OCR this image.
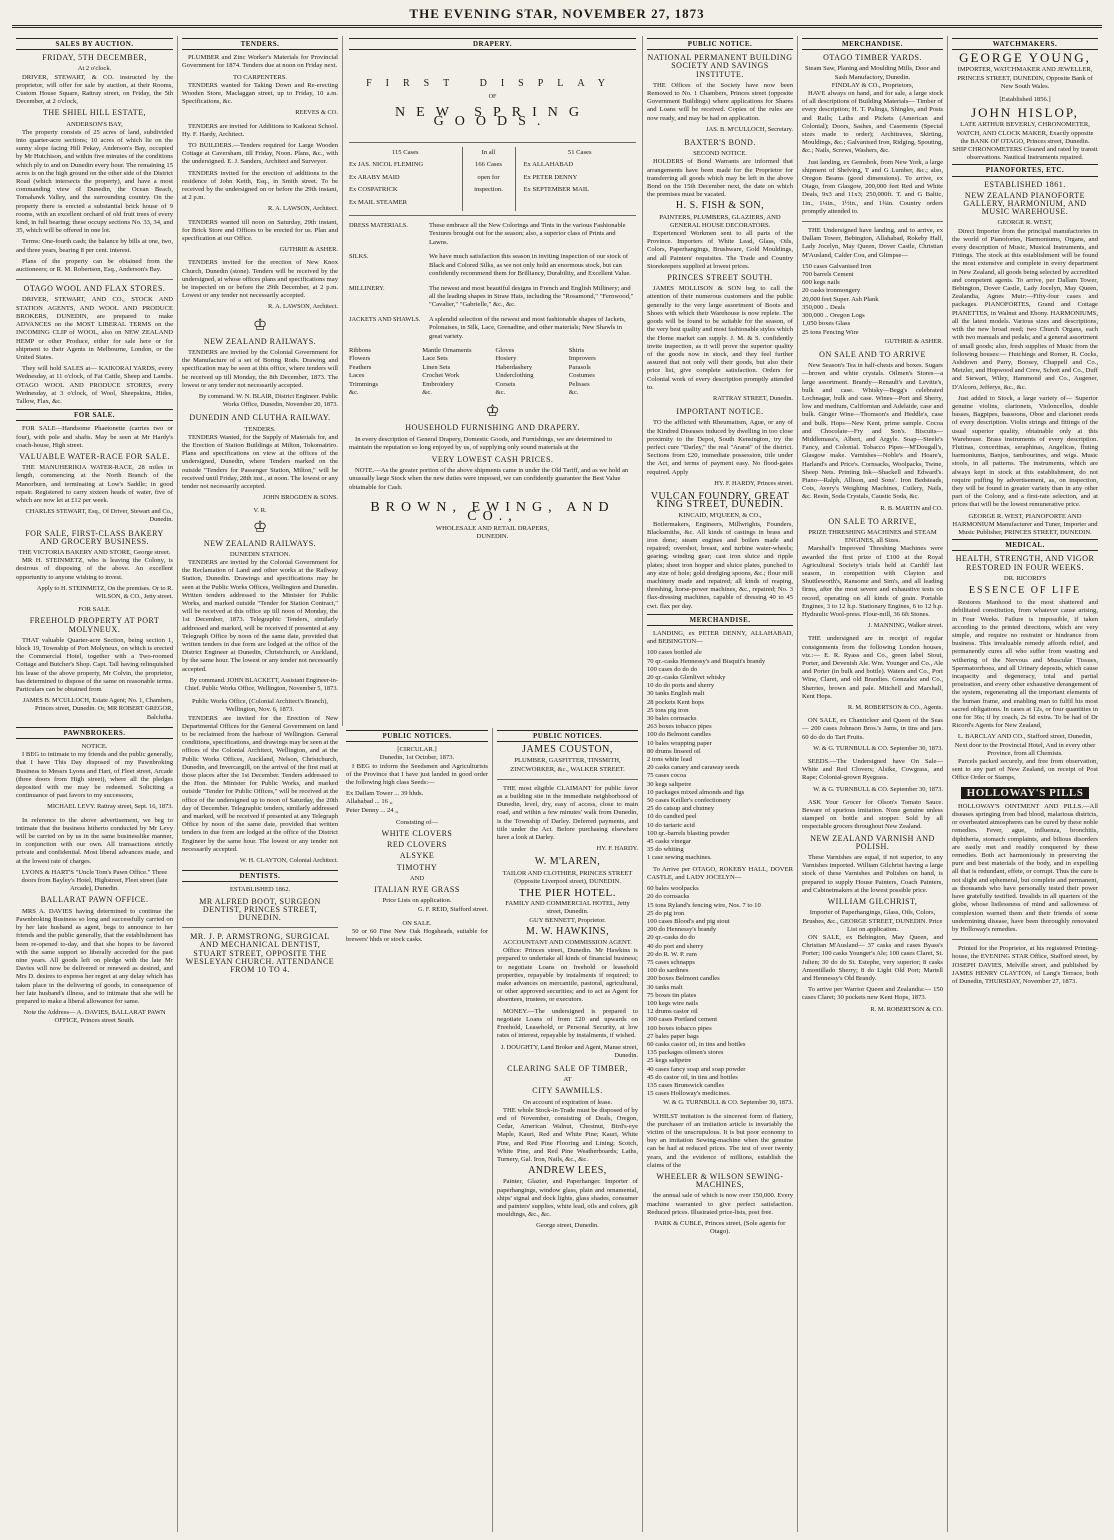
THE EVENING STAR, NOVEMBER 27, 1873
SALES BY AUCTION.
FRIDAY, 5TH DECEMBER,
At 2 o'clock.

DRIVER, STEWART, & CO. instructed by the proprietor, will offer for sale by auction, at their Rooms, Custom House Square, Rattray street, on Friday, the 5th December, at 2 o'clock,

THE SHIEL HILL ESTATE,
ANDERSON'S BAY,

The property consists of 25 acres of land, subdivided into quarter-acre sections; 10 acres of which lie on the sunny slope facing Hill Pekay, Anderson's Bay, occupied by Mr Hutchison, and within five minutes of the conditions which ply to and on Dunedin every hour. The remaining 15 acres is on the high ground on the other side of the District Road (which intersects the property), and have a most commanding view of Dunedin, the Ocean Beach, Tomahawk Valley, and the surrounding country. On the property there is erected a substantial brick house of 9 rooms, with an excellent orchard of old fruit trees of every kind, in full bearing; these occupy sections No. 33, 34, and 35, which will be offered in one lot.

Terms: One-fourth cash; the balance by bills at one, two, and three years, bearing 8 per cent. interest.

Plans of the property can be obtained from the auctioneers; or R. M. Robertson, Esq., Anderson's Bay.

OTAGO WOOL AND FLAX STORES.

DRIVER, STEWART, AND CO., STOCK AND STATION AGENTS, AND WOOL AND PRODUCE BROKERS, DUNEDIN, are prepared to make ADVANCES on the MOST LIBERAL TERMS on the INCOMING CLIP of WOOL, also on NEW ZEALAND HEMP or other Produce, either for sale here or for shipment to their Agents in Melbourne, London, or the United States.

They will hold SALES at— KAIKORAI YARDS, every Wednesday, at 11 o'clock, of Fat Cattle, Sheep and Lambs. OTAGO WOOL AND PRODUCE STORES, every Wednesday, at 3 o'clock, of Wool, Sheepskins, Hides, Tallow, Flax, &c.

FOR SALE.

FOR SALE—Handsome Phaetonette (carries two or four), with pole and shafts. May be seen at Mr Hardy's coach-house, High street.

VALUABLE WATER-RACE FOR SALE.

THE MANUHERIKIA WATER-RACE, 28 miles in length, commencing at the North Branch of the Manorburn, and terminating at Low's Saddle; in good repair. Registered to carry sixteen heads of water, five of which are now let at £12 per week.

CHARLES STEWART, Esq., Of Driver, Stewart and Co., Dunedin.
FOR SALE, FIRST-CLASS BAKERY AND GROCERY BUSINESS.
THE VICTORIA BAKERY AND STORE, George street.

MR H. STEINMETZ, who is leaving the Colony, is desirous of disposing of the above. An excellent opportunity to anyone wishing to invest.

Apply to H. STEINMETZ, On the premises. Or to R. WILSON, & CO., Jetty street.
FOR SALE.
FREEHOLD PROPERTY AT PORT MOLYNEUX.

THAT valuable Quarter-acre Section, being section 1, block 19, Township of Port Molyneux, on which is erected the Commercial Hotel, together with a Two-roomed Cottage and Butcher's Shop. Capt. Tall having relinquished his lease of the above property, Mr Colvin, the proprietor, has determined to dispose of the same on reasonable terms. Particulars can be obtained from

JAMES B. M'CULLOCH, Estate Agent; No. 1, Chambers, Princes street, Dunedin. Or, MR ROBERT GREGOR, Balclutha.
PAWNBROKERS.
NOTICE.

I BEG to intimate to my friends and the public generally, that I have This Day disposed of my Pawnbroking Business to Messrs Lyons and Hart, of Fleet street, Arcade (three doors from High street), where all the pledges deposited with me may be redeemed. Soliciting a continuance of past favors to my successors,

MICHAEL LEVY. Rattray street, Sept. 16, 1873.

In reference to the above advertisement, we beg to intimate that the business hitherto conducted by Mr Levy will be carried on by us in the same businesslike manner, in conjunction with our own. All transactions strictly private and confidential. Most liberal advances made, and at the lowest rate of charges.

LYONS & HART'S "Uncle Tom's Pawn Office." Three doors from Bayley's Hotel, Highstreet, Fleet street (late Arcade), Dunedin.
BALLARAT PAWN OFFICE.

MRS A. DAVIES having determined to continue the Pawnbroking Business so long and successfully carried on by her late husband as agent, begs to announce to her friends and the public generally, that the establishment has been re-opened to-day, and that she hopes to be favored with the same support so liberally accorded for the past nine years. All goods left on pledge with the late Mr Davies will now be delivered or renewed as desired, and Mrs D. desires to express her regret at any delay which has taken place in the delivering of goods, in consequence of her late husband's illness, and to intimate that she will be prepared to make a liberal allowance for same.

Note the Address— A. DAVIES, BALLARAT PAWN OFFICE, Princes street South.
TENDERS.

PLUMBER and Zinc Worker's Materials for Provincial Government for 1874. Tenders due at noon on Friday next.

TO CARPENTERS.

TENDERS wanted for Taking Down and Re-erecting Wooden Store, Maclaggan street, up to Friday, 10 a.m. Specifications, &c.

REEVES & CO.

TENDERS are invited for Additions to Kaikorai School. Hy. F. Hardy, Architect.

TO BUILDERS.—Tenders required for Large Wooden Cottage at Caversham, till Friday, Noon. Plans, &c., with the undersigned. E. J. Sanders, Architect and Surveyor.

TENDERS invited for the erection of additions to the residence of John Keith, Esq., in Smith street. To be received by the undersigned on or before the 29th instant, at 2 p.m.

R. A. LAWSON, Architect.

TENDERS wanted till noon on Saturday, 29th instant, for Brick Store and Offices to be erected for us. Plan and specification at our Office.

GUTHRIE & ASHER.

TENDERS invited for the erection of New Knox Church, Dunedin (stone). Tenders will be received by the undersigned, at whose offices plans and specifications may be inspected on or before the 29th December, at 2 p.m. Lowest or any tender not necessarily accepted.

R. A. LAWSON, Architect.
♔
NEW ZEALAND RAILWAYS.

TENDERS are invited by the Colonial Government for the Manufacture of a set of Boring Rods. Drawing and specification may be seen at this office, where tenders will be received up till Monday, the 8th December, 1873. The lowest or any tender not necessarily accepted.

By command. W. N. BLAIR, District Engineer. Public Works Office, Dunedin, November 20, 1873.
DUNEDIN AND CLUTHA RAILWAY.
TENDERS.

TENDERS Wanted, for the Supply of Materials for, and the Erection of Station Buildings at Milton, Tokomairiro. Plans and specifications on view at the offices of the undersigned, Dunedin, where Tenders marked on the outside "Tenders for Passenger Station, Milton," will be received until Friday, 28th inst., at noon. The lowest or any tender not necessarily accepted.

JOHN BROGDEN & SONS.
V. R.
♔
NEW ZEALAND RAILWAYS.
DUNEDIN STATION.

TENDERS are invited by the Colonial Government for the Reclamation of Land and other works at the Railway Station, Dunedin. Drawings and specifications may be seen at the Public Works Offices, Wellington and Dunedin. Written tenders addressed to the Minister for Public Works, and marked outside "Tender for Station Contract," will be received at this office up till noon of Monday, the 1st December, 1873. Telegraphic Tenders, similarly addressed and marked, will be received if presented at any Telegraph Office by noon of the same date, provided that written tenders in due form are lodged at the office of the District Engineer at Dunedin, Christchurch, or Auckland, by the same hour. The lowest or any tender not necessarily accepted.

By command. JOHN BLACKETT, Assistant Engineer-in-Chief. Public Works Office, Wellington, November 5, 1873.
Public Works Office, (Colonial Architect's Branch), Wellington, Nov. 6, 1873.

TENDERS are invited for the Erection of New Departmental Offices for the General Government on land to be reclaimed from the harbour of Wellington. General conditions, specifications, and drawings may be seen at the offices of the Colonial Architect, Wellington, and at the Public Works Offices, Auckland, Nelson, Christchurch, Dunedin, and Invercargill, on the arrival of the first mail at those places after the 1st December. Tenders addressed to the Hon. the Minister for Public Works, and marked outside "Tender for Public Offices," will be received at the office of the undersigned up to noon of Saturday, the 20th day of December. Telegraphic tenders, similarly addressed and marked, will be received if presented at any Telegraph Office by noon of the same date, provided that written tenders in due form are lodged at the office of the District Engineer by the same hour. The lowest or any tender not necessarily accepted.

W. H. CLAYTON, Colonial Architect.
DENTISTS.
ESTABLISHED 1862.
MR ALFRED BOOT, SURGEON DENTIST, PRINCES STREET, DUNEDIN.
MR. J. P. ARMSTRONG, SURGICAL AND MECHANICAL DENTIST, STUART STREET, OPPOSITE THE WESLEYAN CHURCH. ATTENDANCE FROM 10 TO 4.
DRAPERY.
FIRST DISPLAY
OF
NEW SPRING GOODS.
115 Cases
Ex JAS. NICOL FLEMING
Ex ARABY MAID
Ex COSPATRICK
Ex MAIL STEAMER
In all
166 Cases
open for
inspection.
51 Cases
Ex ALLAHABAD
Ex PETER DENNY
Ex SEPTEMBER MAIL
DRESS MATERIALS.	These embrace all the New Colorings and Tints in the various Fashionable Textures brought out for the season; also, a superior class of Prints and Lawns.
SILKS.	We have much satisfaction this season in inviting inspection of our stock of Black and Colored Silks, as we not only hold an enormous stock, but can confidently recommend them for Brilliancy, Durability, and Excellent Value.
MILLINERY.	The newest and most beautiful designs in French and English Millinery; and all the leading shapes in Straw Hats, including the "Rosamond," "Fernwood," "Cavalier," "Gabrielle," &c., &c.
JACKETS AND SHAWLS.	A splendid selection of the newest and most fashionable shapes of Jackets, Polonaises, in Silk, Lace, Grenadine, and other materials; New Shawls in great variety.
Ribbons	Mantle Ornaments	Gloves	Shirts
Flowers	Lace Sets	Hosiery	Improvers
Feathers	Linen Sets	Haberdashery	Parasols
Laces	Crochet Work	Underclothing	Costumes
Trimmings	Embroidery	Corsets	Pelisses
&c.	&c.	&c.	&c.
♔
HOUSEHOLD FURNISHING AND DRAPERY.

In every description of General Drapery, Domestic Goods, and Furnishings, we are determined to maintain the reputation so long enjoyed by us, of supplying only sound materials at the

VERY LOWEST CASH PRICES.

NOTE.—As the greater portion of the above shipments came in under the Old Tariff, and as we hold an unusually large Stock when the new duties were imposed, we can confidently guarantee the Best Value obtainable for Cash.

BROWN, EWING, AND CO.,
WHOLESALE AND RETAIL DRAPERS,
DUNEDIN.
PUBLIC NOTICES.
[CIRCULAR.]
Dunedin, 1st October, 1873.

I BEG to inform the Seedsmen and Agriculturists of the Province that I have just landed in good order the following high class Seeds:—

Ex Dallam Tower ... 39 hhds.
Allahabad ... 16 „
Peter Denny ... 24 „
Consisting of—
WHITE CLOVERS
RED CLOVERS
ALSYKE
TIMOTHY
AND
ITALIAN RYE GRASS
Price Lists on application.
G. F. REID, Stafford street.
ON SALE.

50 or 60 Fine New Oak Hogsheads, suitable for brewers' hhds or stock casks.

PUBLIC NOTICES.
JAMES COUSTON,
PLUMBER, GASFITTER, TINSMITH, ZINCWORKER, &c., WALKER STREET.

THE most eligible CLAIMANT for public favor as a building site in the immediate neighborhood of Dunedin, level, dry, easy of access, close to main road, and within a few minutes' walk from Dunedin, is the Township of Darley. Deferred payments, and title under the Act. Before purchasing elsewhere have a look at Darley.

HY. F. HARDY.
W. M'LAREN,
TAILOR AND CLOTHIER, PRINCES STREET (Opposite Liverpool street), DUNEDIN.
THE PIER HOTEL.
FAMILY AND COMMERCIAL HOTEL, Jetty street, Dunedin.
GUY BENNETT, Proprietor.
M. W. HAWKINS,
ACCOUNTANT AND COMMISSION AGENT.

Office: Princes street, Dunedin. Mr Hawkins is prepared to undertake all kinds of financial business; to negotiate Loans on freehold or leasehold properties, repayable by instalments if required; to make advances on mercantile, pastoral, agricultural, or other approved securities; and to act as Agent for absentees, trustees, or executors.

MONEY.—The undersigned is prepared to negotiate Loans of from £20 and upwards on Freehold, Leasehold, or Personal Security, at low rates of interest, repayable by instalments, if wished.

J. DOUGHTY, Land Broker and Agent, Manse street, Dunedin.
CLEARING SALE OF TIMBER,
AT
CITY SAWMILLS.
On account of expiration of lease.

THE whole Stock-in-Trade must be disposed of by end of November, consisting of Deals, Oregon, Cedar, American Walnut, Chestnut, Bird's-eye Maple, Kauri, Red and White Pine; Kauri, White Pine, and Red Pine Flooring and Lining; Scotch, White Pine, and Red Pine Weatherboards; Laths, Turnery, Gal. Iron, Nails, &c., &c.

ANDREW LEES,

Painter, Glazier, and Paperhanger. Importer of paperhangings, window glass, plain and ornamental, ships' signal and dock lights, glass shades, consumer and painters' supplies, white lead, oils and colors, gilt mouldings, &c., &c.

George street, Dunedin.
PUBLIC NOTICE.
NATIONAL PERMANENT BUILDING SOCIETY AND SAVINGS INSTITUTE.

THE Offices of the Society have now been Removed to No. 1 Chambers, Princes street (opposite Government Buildings) where applications for Shares and Loans will be received. Copies of the rules are now ready, and may be had on application.

JAS. B. M'CULLOCH, Secretary.
BAXTER'S BOND.
SECOND NOTICE.

HOLDERS of Bond Warrants are informed that arrangements have been made for the Proprietor for transferring all goods which may be left in the above Bond on the 15th December next, the date on which the premises must be vacated.

H. S. FISH & SON,
PAINTERS, PLUMBERS, GLAZIERS, AND GENERAL HOUSE DECORATORS.

Experienced Workmen sent to all parts of the Province. Importers of White Lead, Glass, Oils, Colors, Paperhangings, Brushware, Gold Mouldings, and all Painters' requisites. The Trade and Country Storekeepers supplied at lowest prices.

PRINCES STREET SOUTH.

JAMES MOLLISON & SON beg to call the attention of their numerous customers and the public generally to the very large assortment of Boots and Shoes with which their Warehouse is now replete. The goods will be found to be suitable for the season, of the very best quality and most fashionable styles which the Home market can supply. J. M. & S. confidently invite inspection, as it will prove the superior quality of the goods now in stock, and they feel further assured that not only will their goods, but also their price list, give complete satisfaction. Orders for Colonial work of every description promptly attended to.

RATTRAY STREET, Dunedin.
IMPORTANT NOTICE.

TO the afflicted with Rheumatism, Ague, or any of the Kindred Diseases induced by dwelling in too close proximity to the Depot, South Kensington, try the perfect cure "Darley," the real "Ararat" of the district. Sections from £20, immediate possession, title under the Act, and terms of payment easy. No flood-gates required. Apply

HY. F. HARDY, Princes street.
VULCAN FOUNDRY, GREAT KING STREET, DUNEDIN.
KINCAID, M'QUEEN, & CO.,

Boilermakers, Engineers, Millwrights, Founders, Blacksmiths, &c. All kinds of castings in brass and iron done; steam engines and boilers made and repaired; overshot, breast, and turbine water-wheels; gearing; winding gear; cast iron sluice and ripple plates; sheet iron hopper and sluice plates, punched to any size of hole; gold dredging spoons, &c.; flour mill machinery made and repaired; all kinds of reaping, threshing, horse-power machines, &c., repaired; No. 3 flax-dressing machines, capable of dressing 40 to 45 cwt. flax per day.

MERCHANDISE.

LANDING, ex PETER DENNY, ALLAHABAD, and BEBINGTON—

100 cases bottled ale
70 qr.-casks Hennessy's and Bisquit's brandy
100 cases do do do
20 qr.-casks Glenlivet whisky
10 do do ports and sherry
30 tanks English malt
28 pockets Kent hops
25 tons pig iron
30 bales cornsacks
263 boxes tobacco pipes
100 do Belmont candles
10 bales wrapping paper
80 drums linseed oil
2 tons white lead
20 casks canary and caraway seeds
75 cases cocoa
30 kegs saltpetre
10 packages mixed almonds and figs
50 cases Keiller's confectionery
25 do catsup and chutney
10 do candied peel
10 do tartaric acid
100 qr.-barrels blasting powder
45 casks vinegar
35 do whiting
1 case sewing machines.

To Arrive per OTAGO, ROKEBY HALL, DOVER CASTLE, and LADY JOCELYN—

60 bales woolpacks
20 do cornsacks
15 tons Ryland's fencing wire, Nos. 7 to 10
25 do pig iron
100 cases Blood's and pig stout
200 do Hennessy's brandy
20 qr.-casks do do
40 do port and sherry
20 do R. W. P. rum
75 cases schnapps
100 do sardines
200 boxes Belmont candles
30 tanks malt
75 boxes tin plates
100 kegs wire nails
12 drums castor oil
300 cases Portland cement
100 boxes tobacco pipes
27 bales paper bags
60 casks castor oil, in tins and bottles
135 packages oilmen's stores
25 kegs saltpetre
40 cases fancy soap and soap powder
45 do castor oil, in tins and bottles
135 cases Brunswick candles
15 cases Holloway's medicines.
W. & G. TURNBULL & CO. September 30, 1873.

WHILST imitation is the sincerest form of flattery, the purchaser of an imitation article is invariably the victim of the unscrupulous. It is but poor economy to buy an imitation Sewing-machine when the genuine can be had at reduced prices. The test of over twenty years, and the evidence of millions, establish the claims of the

WHEELER & WILSON SEWING-MACHINES,

the annual sale of which is now over 150,000. Every machine warranted to give perfect satisfaction. Reduced prices. Illustrated price-lists, post free.

PARK & CUBLE, Princes street, (Sole agents for Otago).
MERCHANDISE.
OTAGO TIMBER YARDS.
Steam Saw, Planing and Moulding Mills, Door and Sash Manufactory, Dunedin.
FINDLAY & CO., Proprietors,

HAVE always on hand, and for sale, a large stock of all descriptions of Building Materials— Timber of every description; H. T. Palings, Shingles, and Posts and Rails; Laths and Pickets (American and Colonial); Doors, Sashes, and Casements (Special sizes made to order); Architraves, Skirting, Mouldings, &c.; Galvanised Iron, Ridging, Spouting, &c.; Nails, Screws, Washers, &c.

Just landing, ex Gemsbok, from New York, a large shipment of Shelving, T and G Lumber, &c.; also, Oregon Beams (good dimensions). To arrive, ex Otago, from Glasgow, 200,000 feet Red and White Deals, 9x3 and 11x3; 250,000ft. T. and G Baltic, 1in., 1¼in., 1½in., and 1¾in. Country orders promptly attended to.

THE Undersigned have landing, and to arrive, ex Dallam Tower, Bebington, Allahabad, Rokeby Hall, Lady Jocelyn, May Queen, Dover Castle, Christian M'Ausland, Calder Cou, and Glimpse—

150 cases Galvanised Iron
700 barrels Cement
600 kegs nails
20 casks ironmongery
20,000 feet Super. Ash Plank
350,000 .. Deals
300,000 .. Oregon Logs
1,050 boxes Glass
25 tons Fencing Wire
GUTHRIE & ASHER.
ON SALE AND TO ARRIVE

New Season's Tea in half-chests and boxes. Sugars—brown and white crystals. Oilmen's Stores—a large assortment. Brandy—Renault's and Levitte's, bulk and case. Whisky—Begg's celebrated Lochnagar, bulk and case. Wines—Port and Sherry, low and medium, Californian and Adelaide, case and bulk. Ginger Wine—Thomson's and Heddle's, case and bulk. Hops—New Kent, prime sample. Cocoa and Chocolate—Fry and Son's. Biscuits—Middlemass's, Albert, and Argyle. Soap—Steele's Fancy, and Colonial. Tobacco Pipes—M'Dougall's, Glasgow make. Varnishes—Noble's and Hoare's, Harland's and Price's. Cornsacks, Woolpacks, Twine, Sheep Nets. Printing Ink—Shackell and Edward's. Piano—Ralph, Allison, and Sons'. Iron Bedsteads, Cots, Avery's Weighing Machines, Cutlery, Nails, &c. Resin, Soda Crystals, Caustic Soda, &c.

R. B. MARTIN and CO.
ON SALE TO ARRIVE,
PRIZE THRESHING MACHINES and STEAM ENGINES, all Sizes.

Marshall's Improved Threshing Machines were awarded the first prize of £100 at the Royal Agricultural Society's trials held at Cardiff last season, in competition with Clayton and Shuttleworth's, Ransome and Sim's, and all leading firms, after the most severe and exhaustive tests on record, operating on all kinds of grain. Portable Engines, 3 to 12 h.p. Stationary Engines, 6 to 12 h.p. Hydraulic Wool-press. Flour-mill, 36 6ft Stones.

J. MANNING, Walker street.

THE undersigned are in receipt of regular consignments from the following London houses, viz.:— E. R. Ryass and Co., green label Stout, Porter, and Devenish Ale. Wm. Younger and Co., Ale and Porter (in bulk and bottle). Waters and Co., Port Wine, Claret, and old Brandies. Gonzalez and Co., Sherries, brown and pale. Mitchell and Marshall, Kent Hops.

R. M. ROBERTSON & CO., Agents.

ON SALE, ex Chanticleer and Queen of the Seas— 200 cases Johnson Bros.'s Jams, in tins and jars. 60 do do do Tart Fruits.

W. & G. TURNBULL & CO. September 30, 1873.

SEEDS.—The Undersigned have On Sale— White and Red Clovers; Alsike, Cowgrass, and Rape; Colonial-grown Ryegrass.

W. & G. TURNBULL & CO. September 30, 1873.

ASK Your Grocer for Olson's Tomato Sauce. Beware of spurious imitation. None genuine unless stamped on bottle and stopper. Sold by all respectable grocers throughout New Zealand.

NEW ZEALAND VARNISH AND POLISH.

These Varnishes are equal, if not superior, to any Varnishes imported. William Gilchrist having a large stock of these Varnishes and Polishes on hand, is prepared to supply House Painters, Coach Painters, and Cabinetmakers at the lowest possible price.

WILLIAM GILCHRIST,
Importer of Paperhangings, Glass, Oils, Colors, Brushes, &c., GEORGE STREET, DUNEDIN. Price List on application.

ON SALE, ex Bebington, May Queen, and Christian M'Ausland— 37 casks and cases Byass's Porter; 100 casks Younger's Ale; 100 cases Claret, St. Julien; 30 do do St. Estephe, very superior; 8 casks Amontillado Sherry; 8 do Light Old Port; Martell and Hennessy's Old Brandy.

To arrive per Warrior Queen and Zealandia:— 150 cases Claret; 30 pockets new Kent Hops, 1873.

R. M. ROBERTSON & CO.
WATCHMAKERS.
GEORGE YOUNG,
IMPORTER, WATCHMAKER AND JEWELLER, PRINCES STREET, DUNEDIN, Opposite Bank of New South Wales.
[Established 1856.]
JOHN HISLOP,
LATE ARTHUR BEVERLY, CHRONOMETER, WATCH, AND CLOCK MAKER, Exactly opposite the BANK OF OTAGO, Princes street, Dunedin.
SHIP CHRONOMETERS Cleaned and rated by transit observations. Nautical Instruments repaired.
PIANOFORTES, ETC.
ESTABLISHED 1861.
NEW ZEALAND PIANOFORTE GALLERY, HARMONIUM, AND MUSIC WAREHOUSE.
GEORGE R. WEST,

Direct Importer from the principal manufactories in the world of Pianofortes, Harmoniums, Organs, and every description of Music, Musical Instruments, and Fittings. The stock at this establishment will be found the most extensive and complete in every department in New Zealand, all goods being selected by accredited and competent agents. To arrive, per Dallam Tower, Bebington, Dover Castle, Lady Jocelyn, May Queen, Zealandia, Agnes Muir:—Fifty-four cases and packages. PIANOFORTES, Grand and Cottage PIANETTES, in Walnut and Ebony. HARMONIUMS, all the latest models. Various sizes and descriptions, with the new broad reed; two Church Organs, each with two manuals and pedals; and a general assortment of small goods; also, fresh supplies of Music from the following houses:— Hutchings and Romer, R. Cocks, Ashdown and Parry, Boosey, Chappell and Co., Metzler, and Hopwood and Crew, Schott and Co., Duff and Stewart, Wiley, Hammond and Co., Augener, D'Alcorn, Jefferys, &c., &c.

Just added to Stock, a large variety of— Superior genuine violins, clarionets, Violoncellos, double basses, Bagpipes, bassoons, Oboe and clarionet reeds of every description. Violin strings and fittings of the usual superior quality, obtainable only at this Warehouse. Brass instruments of every description. Flutinas, concertinas, seraphinas, Angelicas, fluting harmoniums, Banjos, tambourines, and wigs. Music stools, in all patterns. The instruments, which are always kept in stock at this establishment, do not require puffing by advertisement, as, on inspection, they will be found in greater variety than in any other part of the Colony, and a first-rate selection, and at prices that will be the lowest remunerative price.

GEORGE R. WEST, PIANOFORTE AND HARMONIUM Manufacturer and Tuner, Importer and Music Publisher, PRINCES STREET, DUNEDIN.
MEDICAL.
HEALTH, STRENGTH, AND VIGOR RESTORED IN FOUR WEEKS.
DR. RICORD'S
ESSENCE OF LIFE

Restores Manhood to the most shattered and debilitated constitution, from whatever cause arising, in Four Weeks. Failure is impossible, if taken according to the printed directions, which are very simple, and require no restraint or hindrance from business. This invaluable remedy affords relief, and permanently cures all who suffer from wasting and withering of the Nervous and Muscular Tissues, Spermatorrhoea, and all Urinary deposits, which cause incapacity and degeneracy, total and partial prostration, and every other exhaustive derangement of the system, regenerating all the important elements of the human frame, and enabling man to fulfil his most sacred obligations. In cases at 12s, or four quantities in one for 36s; if by coach, 2s 6d extra. To be had of Dr Ricord's Agents for New Zealand,

L. BARCLAY AND CO., Stafford street, Dunedin, Next door to the Provincial Hotel, And in every other Province, from all Chemists.

Parcels packed securely, and free from observation, sent to any part of New Zealand, on receipt of Post Office Order or Stamps,

HOLLOWAY'S PILLS

HOLLOWAY'S OINTMENT AND PILLS.—All diseases springing from bad blood, malarious districts, or overheated atmospheres can be cured by these noble remedies. Fever, ague, influenza, bronchitis, diphtheria, stomach complaints, and bilious disorders are easily met and readily conquered by these remedies. Both act harmoniously in preserving the pure and best materials of the body, and in expelling all that is redundant, effete, or corrupt. Thus the cure is not slight and ephemeral, but complete and permanent, as thousands who have personally tested their power have gratefully testified. Invalids in all quarters of the globe, whose listlessness of mind and sallowness of complexion warned them and their friends of some undermining disease, have been thoroughly renovated by Holloway's remedies.

Printed for the Proprietor, at his registered Printing-house, the EVENING STAR Office, Stafford street, by JOSEPH DAVIES, Melville street, and published by JAMES HENRY CLAYTON, of Lang's Terrace, both of Dunedin, THURSDAY, November 27, 1873.
